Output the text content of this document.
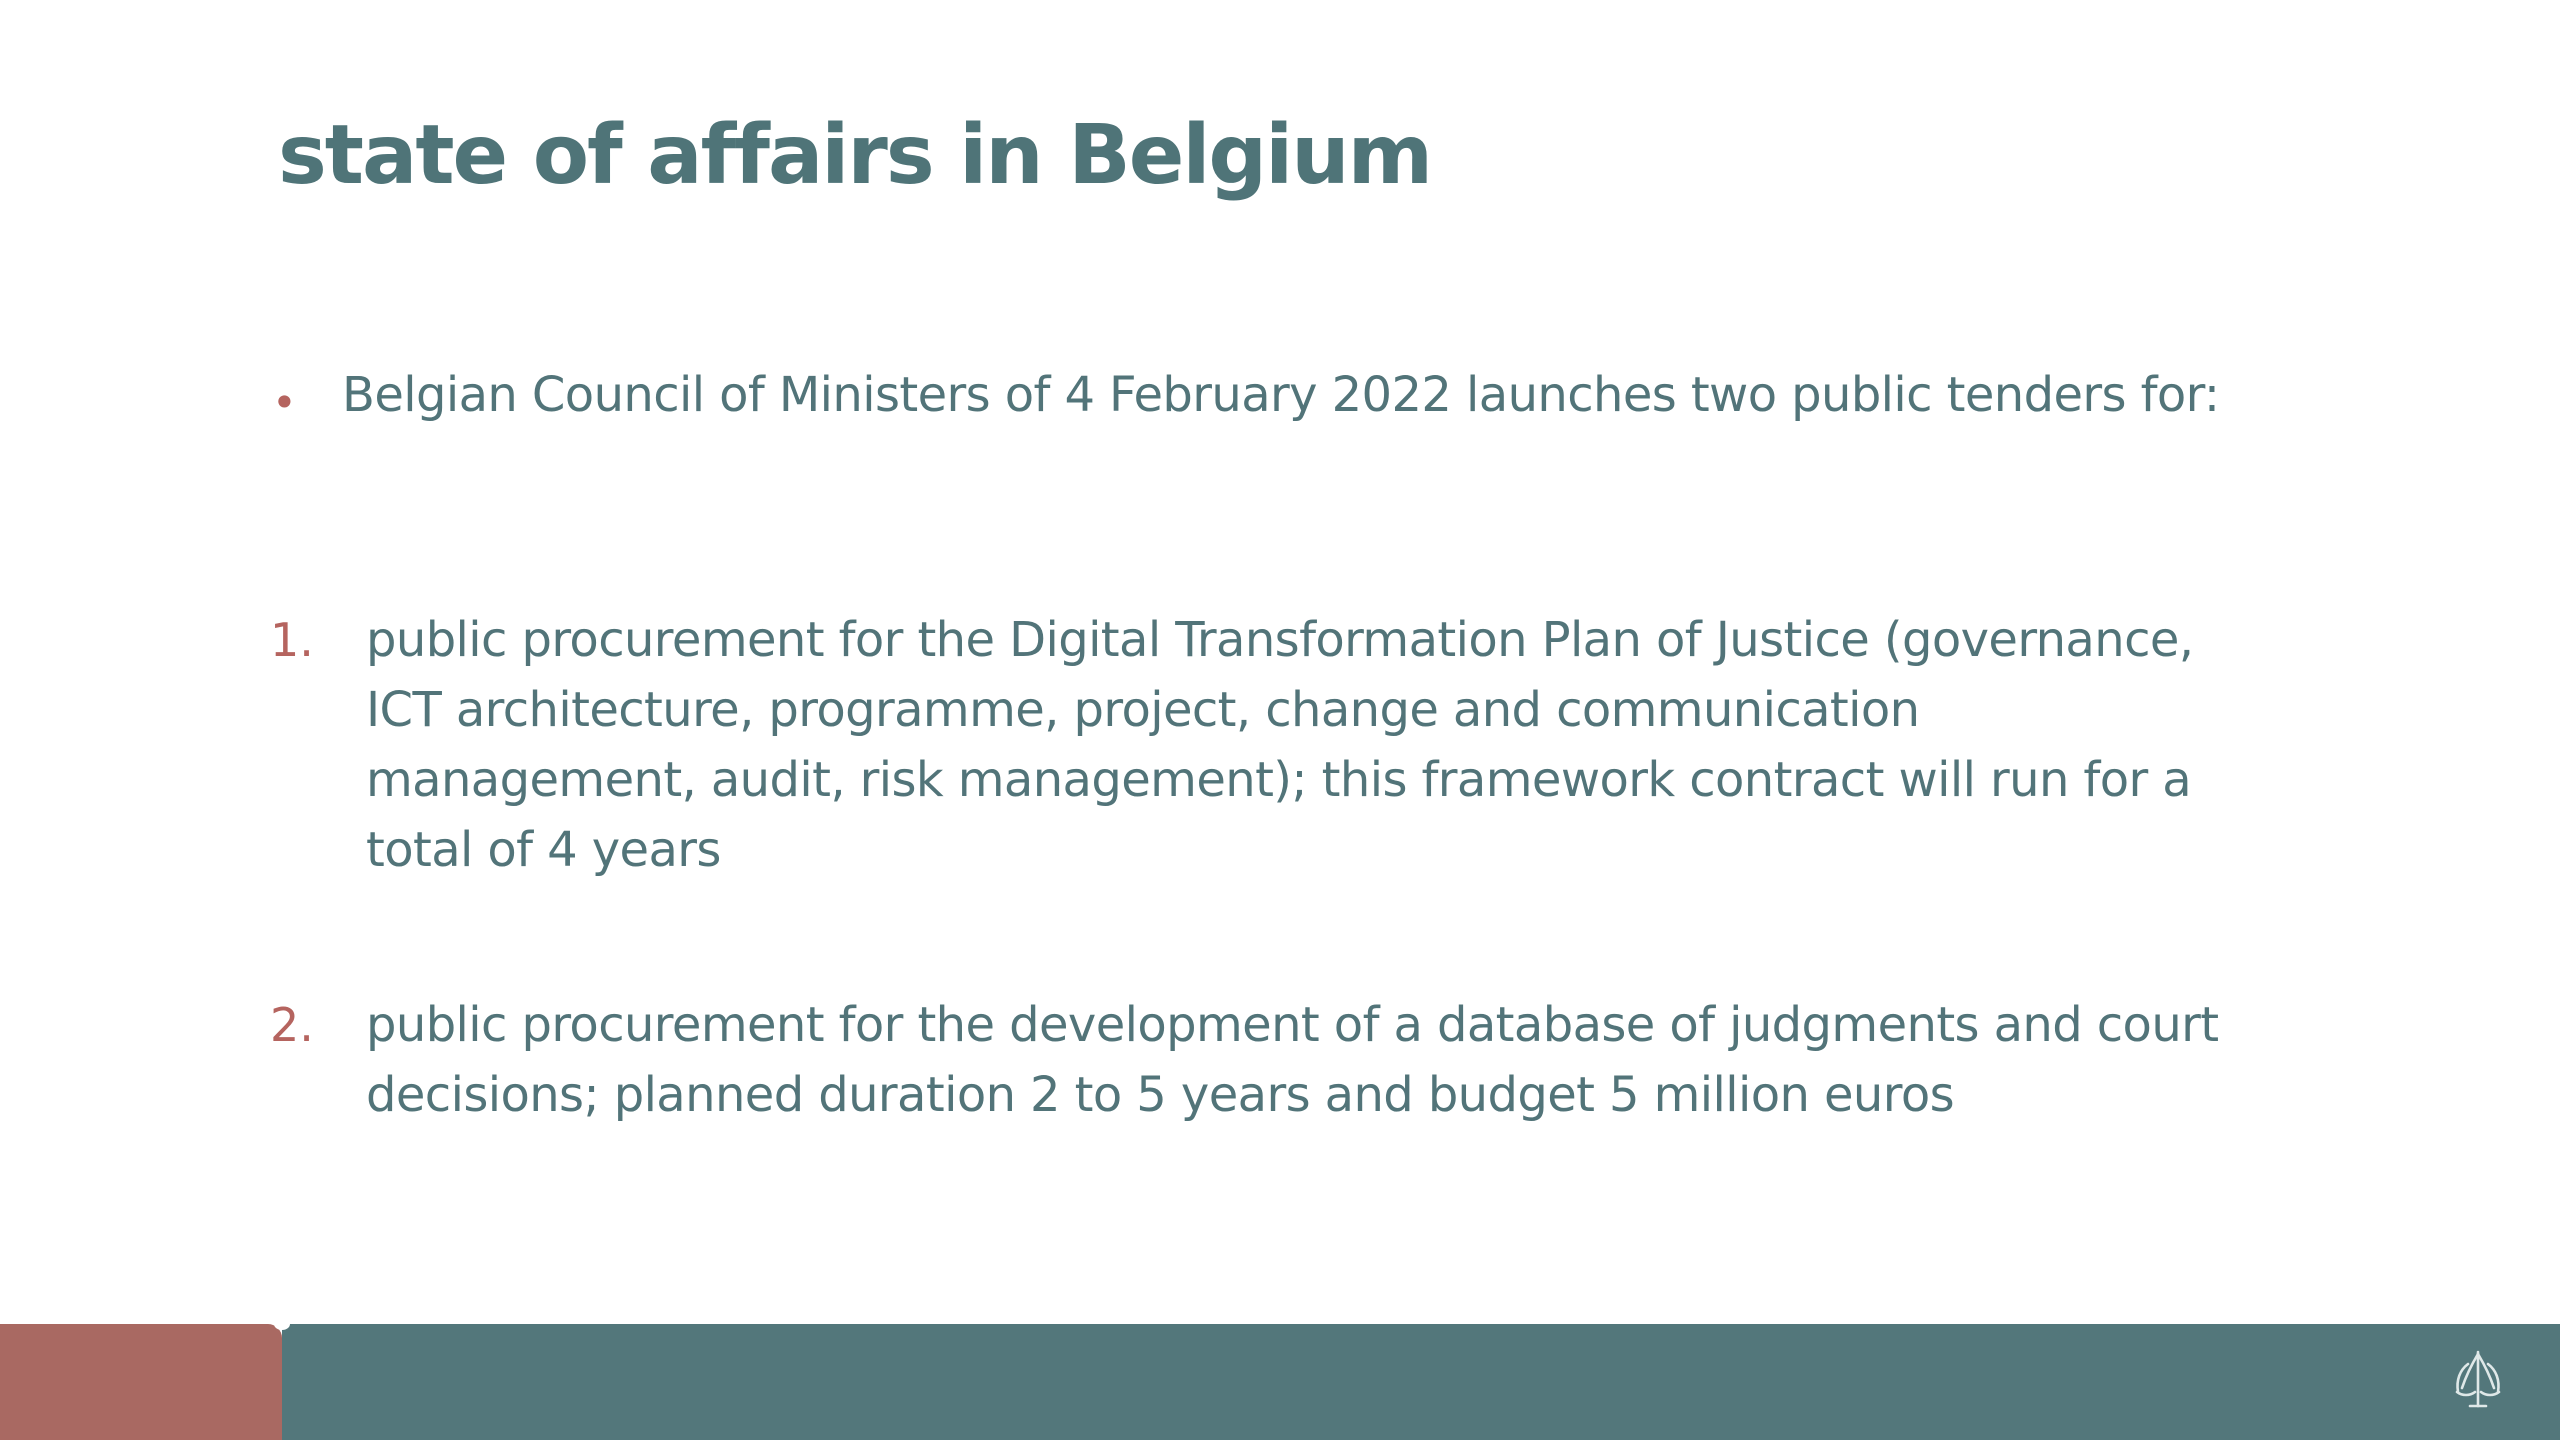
state of affairs in Belgium
• Belgian Council of Ministers of 4 February 2022 launches two public tenders for:
1. public procurement for the Digital Transformation Plan of Justice (governance, ICT architecture, programme, project, change and communication management, audit, risk management); this framework contract will run for a total of 4 years
2. public procurement for the development of a database of judgments and court decisions; planned duration 2 to 5 years and budget 5 million euros
